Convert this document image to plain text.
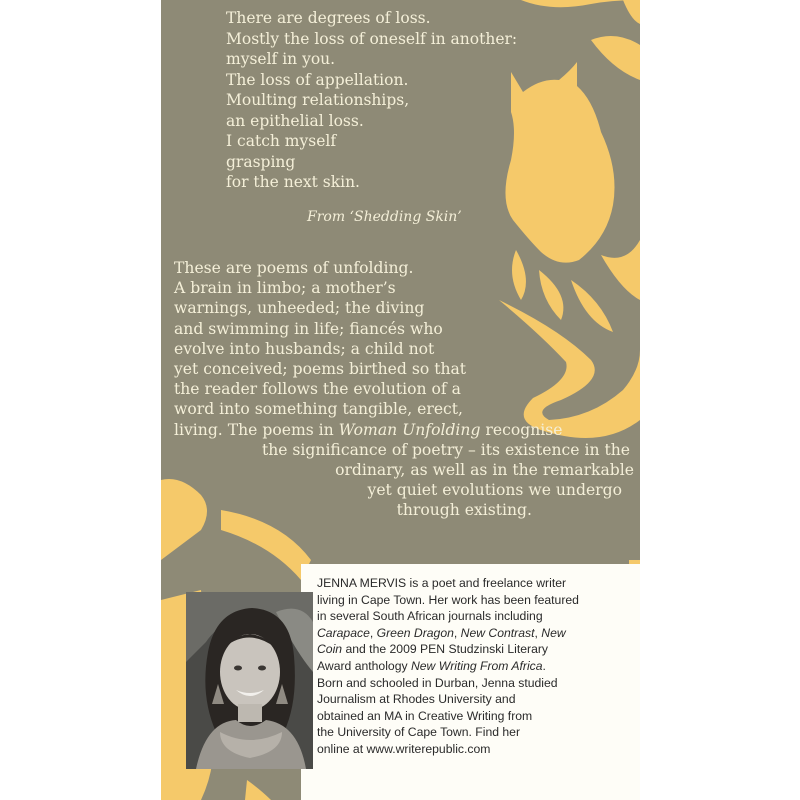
There are degrees of loss.
Mostly the loss of oneself in another:
myself in you.
The loss of appellation.
Moulting relationships,
an epithelial loss.
I catch myself
grasping
for the next skin.
From ‘Shedding Skin’
These are poems of unfolding.
A brain in limbo; a mother’s
warnings, unheeded; the diving
and swimming in life; fiancés who
evolve into husbands; a child not
yet conceived; poems birthed so that
the reader follows the evolution of a
word into something tangible, erect,
living. The poems in Woman Unfolding recognise
the significance of poetry – its existence in the
ordinary, as well as in the remarkable
yet quiet evolutions we undergo
through existing.
JENNA MERVIS is a poet and freelance writer
living in Cape Town. Her work has been featured
in several South African journals including
Carapace, Green Dragon, New Contrast, New
Coin and the 2009 PEN Studzinski Literary
Award anthology New Writing From Africa.
Born and schooled in Durban, Jenna studied
Journalism at Rhodes University and
obtained an MA in Creative Writing from
the University of Cape Town. Find her
online at www.writerepublic.com
